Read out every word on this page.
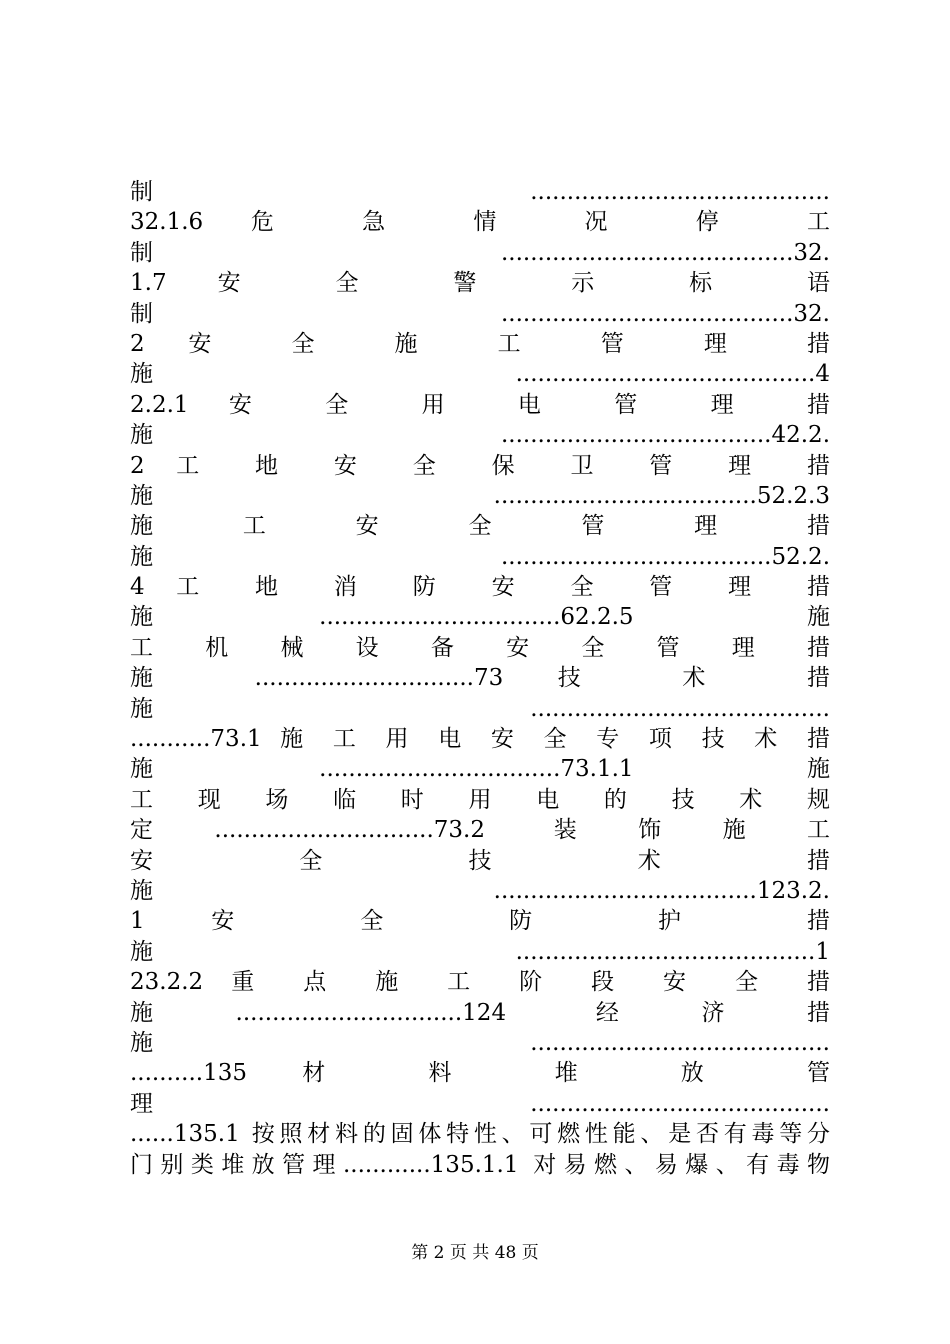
制.........................................
32.1.6 危 急 情 况 停 工
制........................................32.
1.7 安 全 警 示 标 语
制........................................32.
2 安 全 施 工 管 理 措
施.........................................4
2.2.1 安 全 用 电 管 理 措
施.....................................42.2.
2 工 地 安 全 保 卫 管 理 措
施 ....................................52.2.3
施 工 安 全 管 理 措
施.....................................52.2.
4 工 地 消 防 安 全 管 理 措
施.................................62.2.5 施
工 机 械 设 备 安 全 管 理 措
施 ..............................73 技 术 措
施.........................................
...........73.1 施 工 用 电 安 全 专 项 技 术 措
施.................................73.1.1 施
工 现 场 临 时 用 电 的 技 术 规
定..............................73.2 装饰施工
安 全 技 术 措
施....................................123.2.
1 安 全 防 护 措
施.........................................1
23.2.2 重 点 施 工 阶 段 安 全 措
施...............................124 经济措
施.........................................
..........135 材 料 堆 放 管
理.........................................
......135.1 按照材料的固体特性、可燃性能、是否有毒等分
门别类堆放管理............135.1.1 对易燃、易爆、有毒物
第 2 页 共 48 页
